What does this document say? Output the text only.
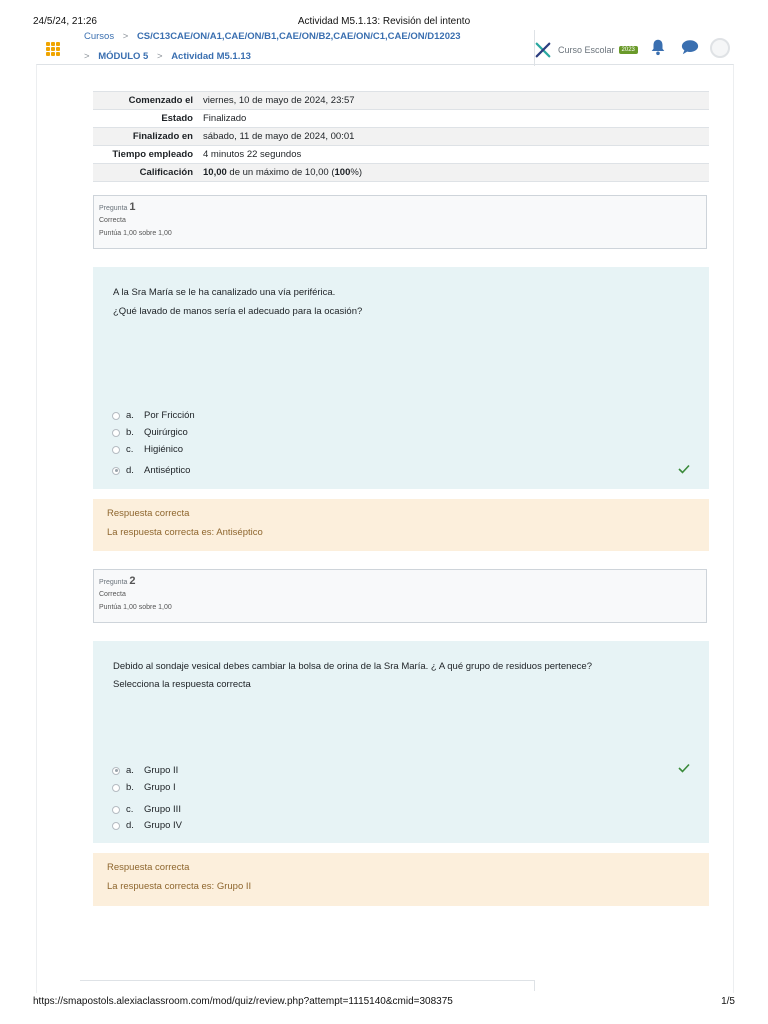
24/5/24, 21:26	Actividad M5.1.13: Revisión del intento
Cursos > CS/C13CAE/ON/A1,CAE/ON/B1,CAE/ON/B2,CAE/ON/C1,CAE/ON/D12023
> MÓDULO 5 > Actividad M5.1.13
Curso Escolar	2023
Comenzado el	viernes, 10 de mayo de 2024, 23:57
Estado	Finalizado
Finalizado en	sábado, 11 de mayo de 2024, 00:01
Tiempo empleado	4 minutos 22 segundos
Calificación	10,00 de un máximo de 10,00 (100%)
Pregunta 1
Correcta
Puntúa 1,00 sobre 1,00

A la Sra María se le ha canalizado una vía periférica.

¿Qué lavado de manos sería el adecuado para la ocasión?

a.	Por Fricción
b.	Quirúrgico
c.	Higiénico
d.	Antiséptico

Respuesta correcta

La respuesta correcta es: Antiséptico

Pregunta 2
Correcta
Puntúa 1,00 sobre 1,00

Debido al sondaje vesical debes cambiar la bolsa de orina de la Sra María. ¿ A qué grupo de residuos pertenece?

Selecciona la respuesta correcta

a.	Grupo II
b.	Grupo I
c.	Grupo III
d.	Grupo IV

Respuesta correcta

La respuesta correcta es: Grupo II

https://smapostols.alexiaclassroom.com/mod/quiz/review.php?attempt=1115140&cmid=308375	1/5
